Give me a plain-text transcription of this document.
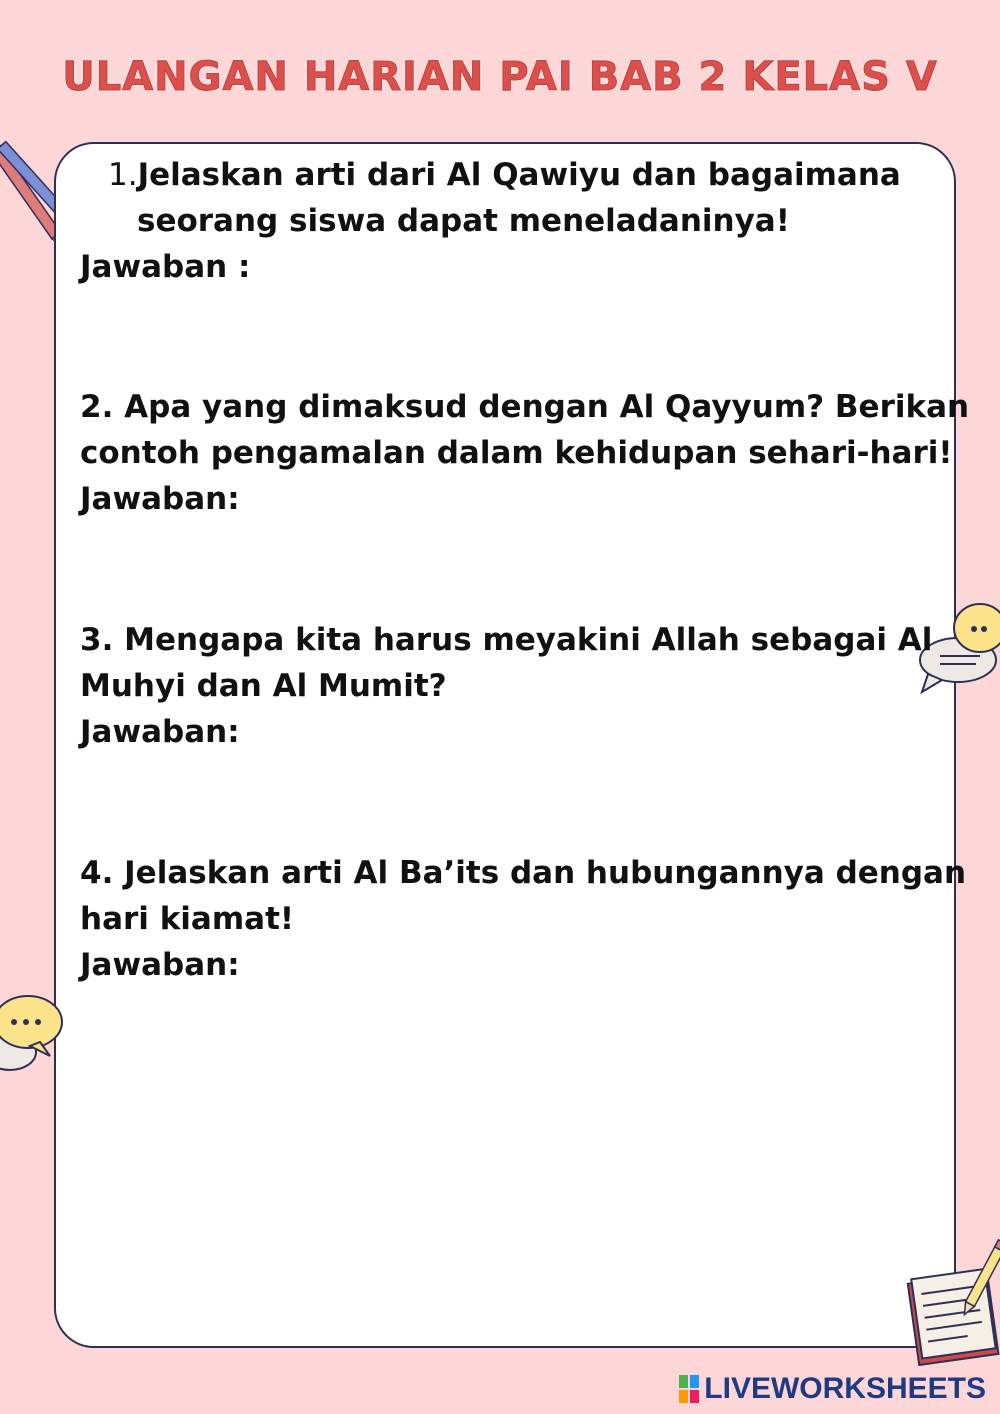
ULANGAN HARIAN PAI BAB 2 KELAS V
1.Jelaskan arti dari Al Qawiyu dan bagaimana
seorang siswa dapat meneladaninya!
Jawaban :
2. Apa yang dimaksud dengan Al Qayyum? Berikan
contoh pengamalan dalam kehidupan sehari-hari!
Jawaban:
3. Mengapa kita harus meyakini Allah sebagai Al
Muhyi dan Al Mumit?
Jawaban:
4. Jelaskan arti Al Ba’its dan hubungannya dengan
hari kiamat!
Jawaban:
LIVEWORKSHEETS
